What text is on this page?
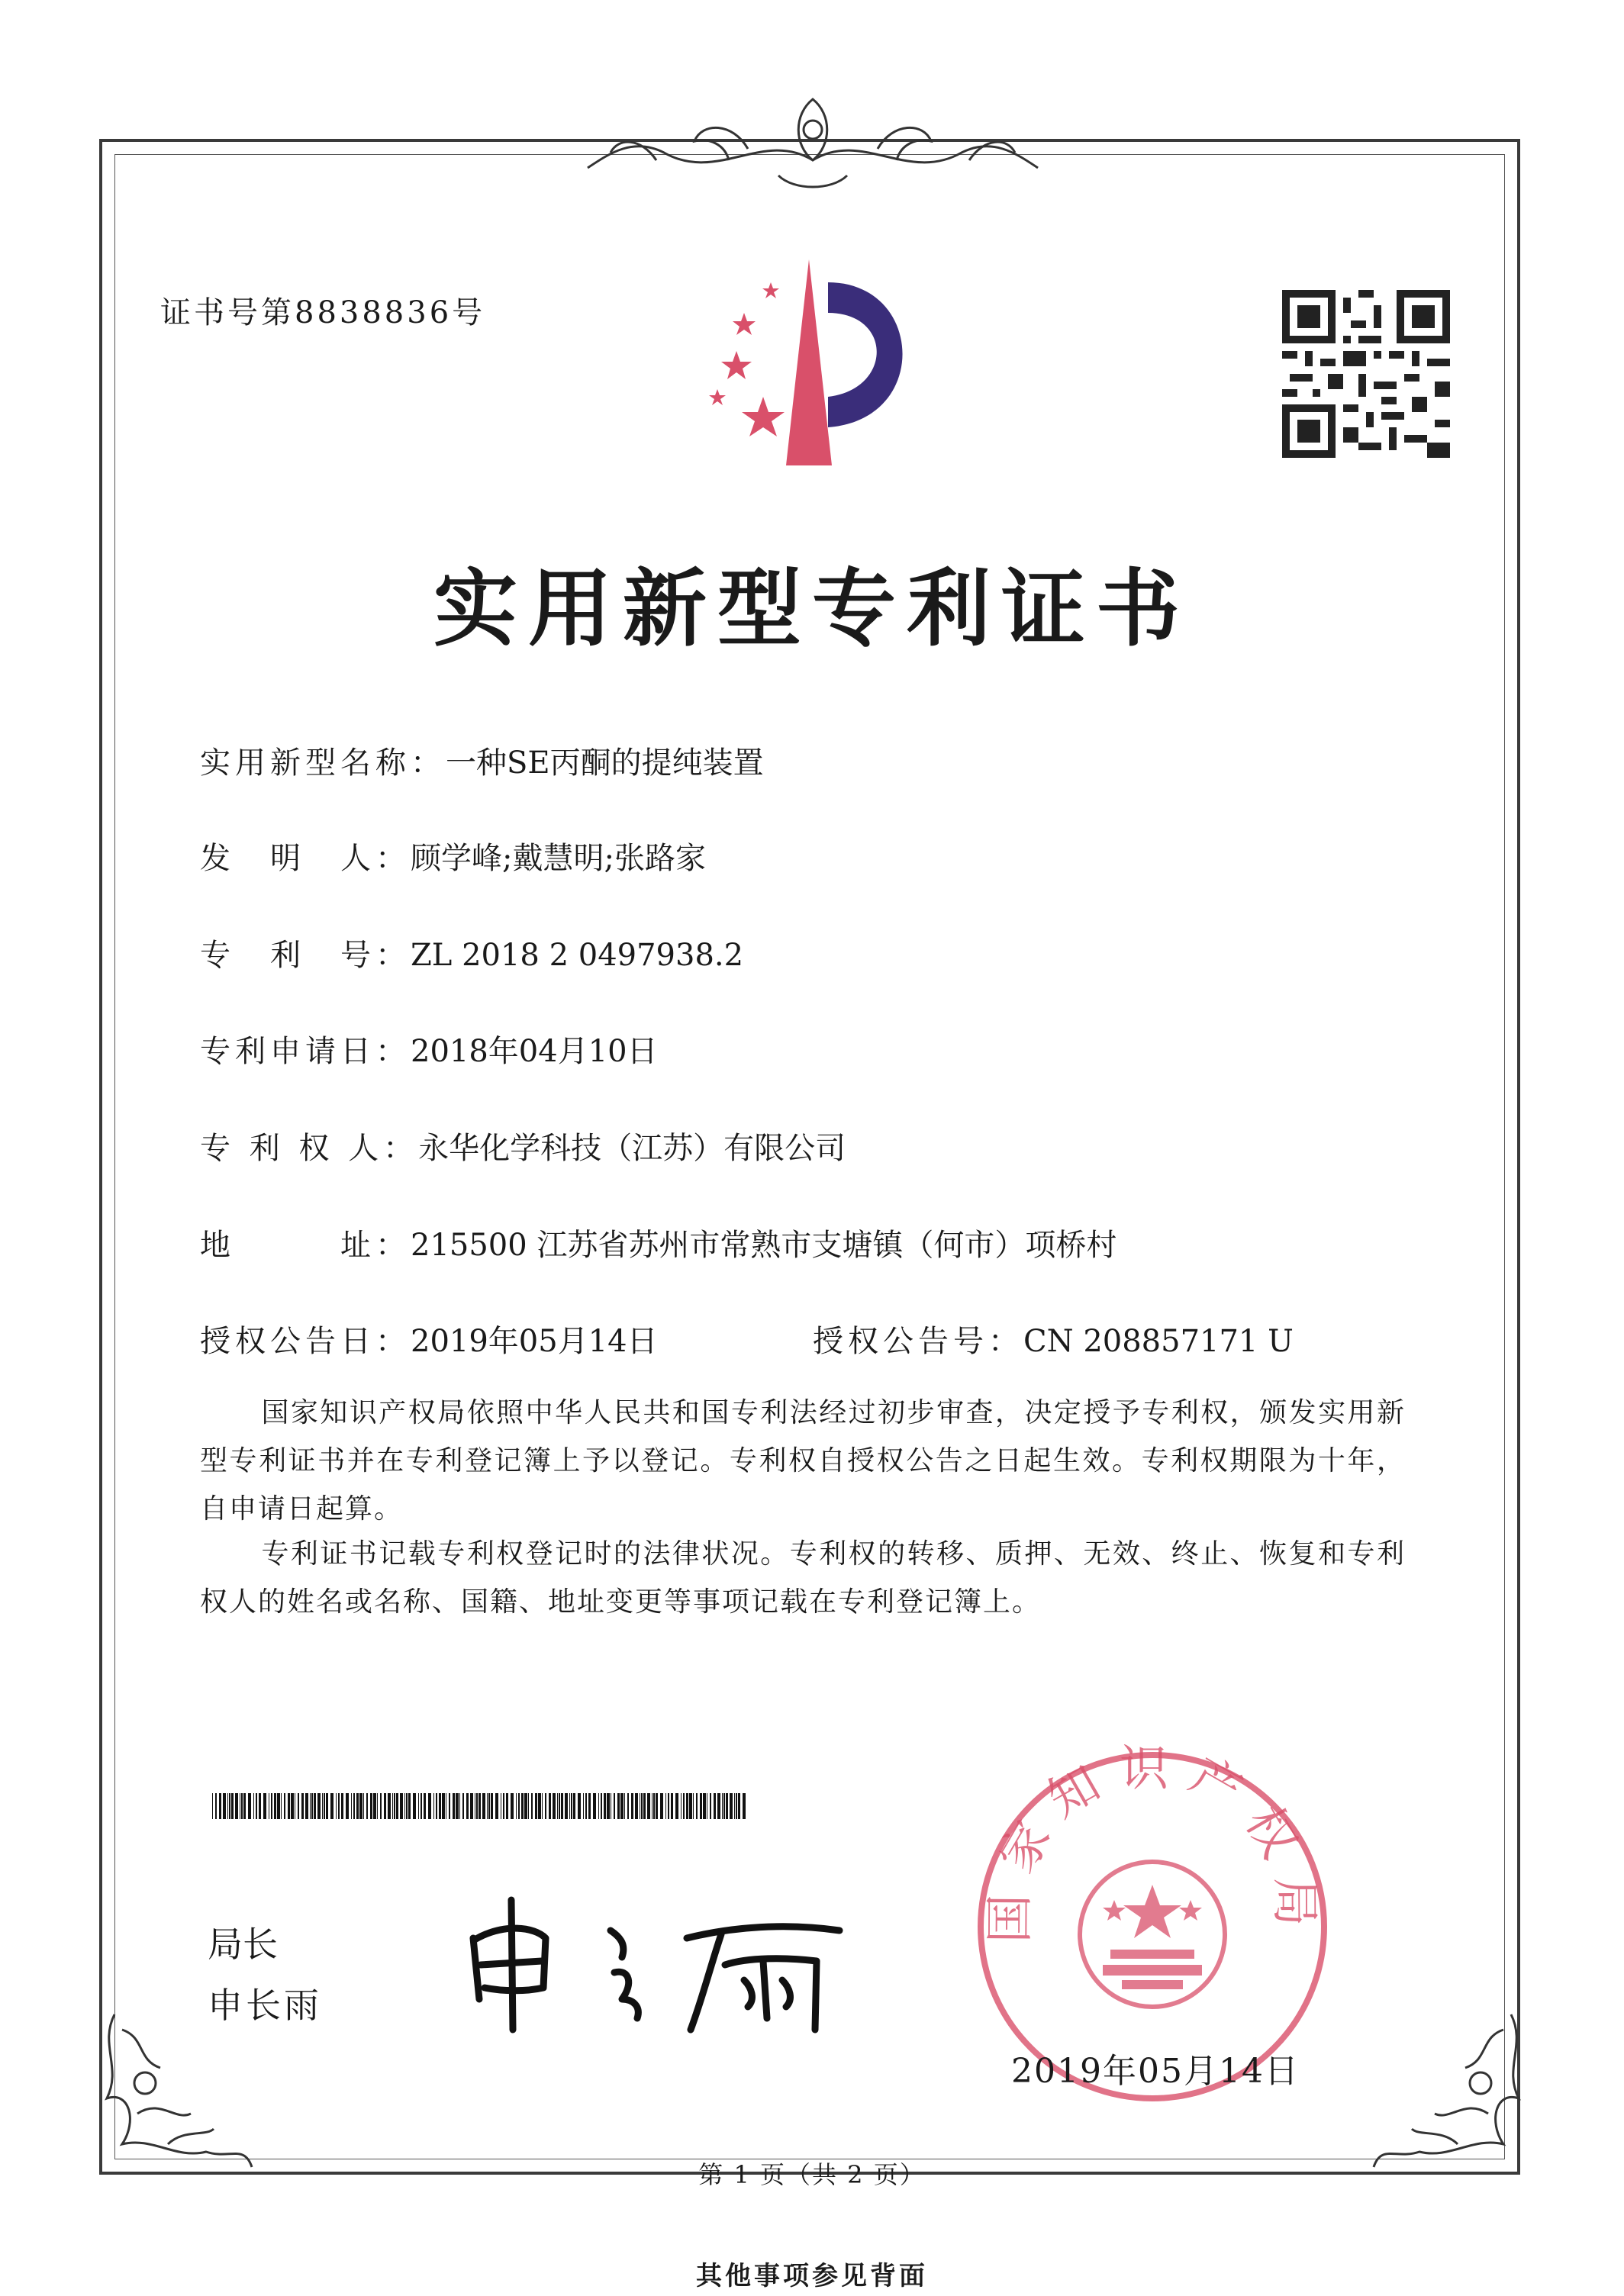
证书号第8838836号
实用新型专利证书
实用新型名称：一种SE丙酮的提纯装置
发　明　人：顾学峰;戴慧明;张路家
专　利　号：ZL 2018 2 0497938.2
专利申请日：2018年04月10日
专 利 权 人：永华化学科技（江苏）有限公司
地　　　址：215500 江苏省苏州市常熟市支塘镇（何市）项桥村
授权公告日：2019年05月14日	授权公告号：CN 208857171 U
国家知识产权局依照中华人民共和国专利法经过初步审查，决定授予专利权，颁发实用新型专利证书并在专利登记簿上予以登记。专利权自授权公告之日起生效。专利权期限为十年，自申请日起算。
专利证书记载专利权登记时的法律状况。专利权的转移、质押、无效、终止、恢复和专利权人的姓名或名称、国籍、地址变更等事项记载在专利登记簿上。
局长
申长雨
国家知识产权局
2019年05月14日
第 1 页（共 2 页）
其他事项参见背面
